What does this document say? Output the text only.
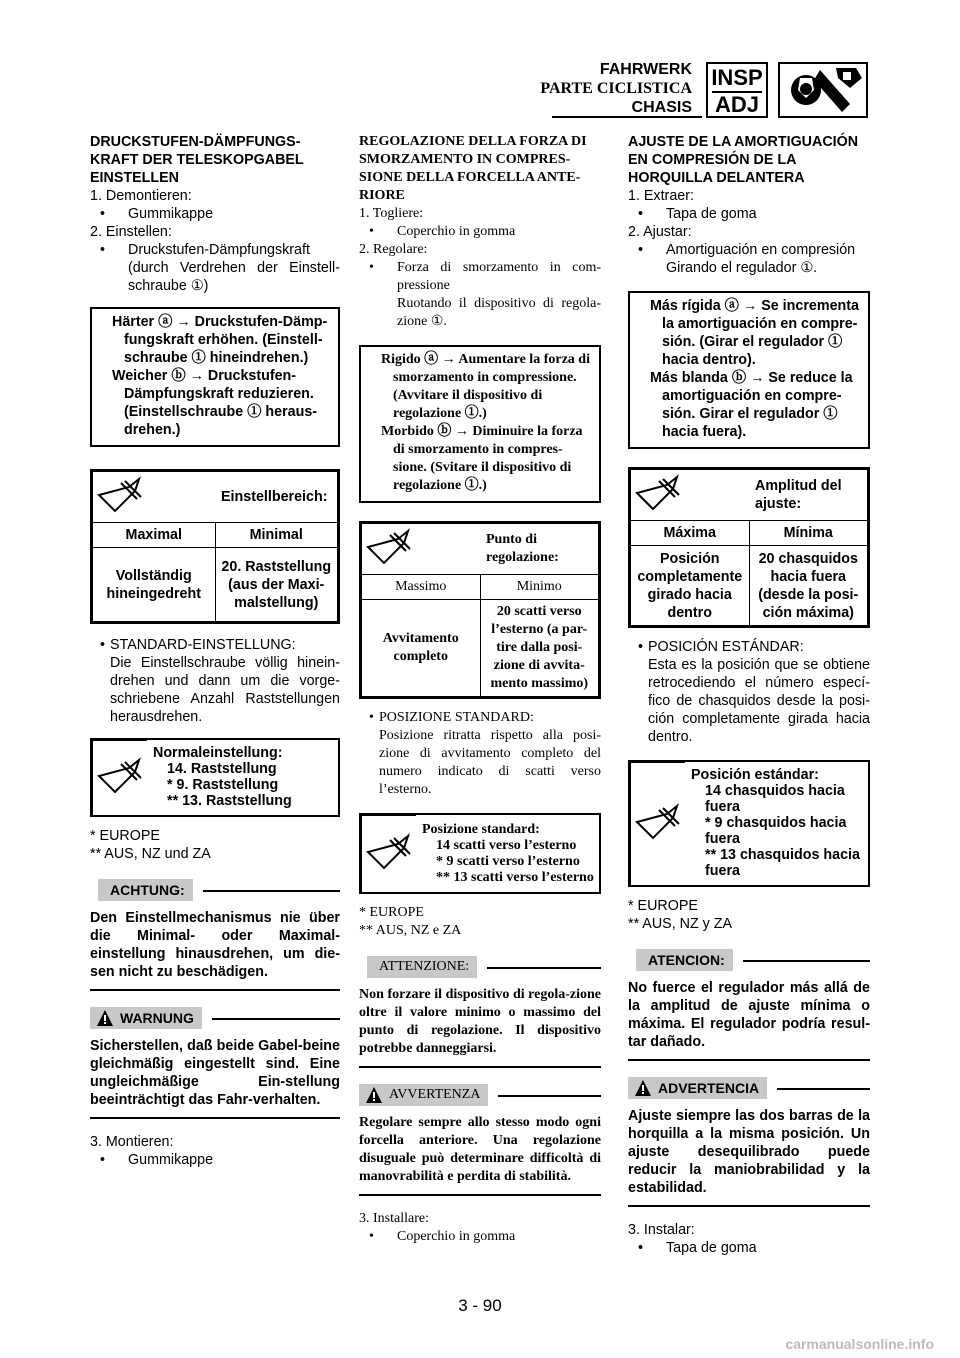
FAHRWERK
PARTE CICLISTICA
CHASIS
INSP
ADJ
DRUCKSTUFEN-DÄMPFUNGS-KRAFT DER TELESKOPGABEL EINSTELLEN
1. Demontieren:
• Gummikappe
2. Einstellen:
• Druckstufen-Dämpfungskraft
(durch Verdrehen der Einstell-schraube ①)
Härter ⓐ → Druckstufen-Dämp-fungskraft erhöhen. (Einstell-schraube ① hineindrehen.)
Weicher ⓑ → Druckstufen-Dämpfungskraft reduzieren. (Einstellschraube ① heraus-drehen.)
	Einstellbereich:
Maximal	Minimal
Vollständig hineingedreht	20. Raststellung (aus der Maxi-malstellung)
• STANDARD-EINSTELLUNG:
Die Einstellschraube völlig hinein-drehen und dann um die vorge-schriebene Anzahl Raststellungen herausdrehen.

Normaleinstellung:
14. Raststellung
* 9. Raststellung
** 13. Raststellung
* EUROPE
** AUS, NZ und ZA
ACHTUNG:
Den Einstellmechanismus nie über die Minimal- oder Maximal-einstellung hinausdrehen, um die-sen nicht zu beschädigen.
WARNUNG
Sicherstellen, daß beide Gabel-beine gleichmäßig eingestellt sind. Eine ungleichmäßige Ein-stellung beeinträchtigt das Fahr-verhalten.
3. Montieren:
• Gummikappe
REGOLAZIONE DELLA FORZA DI SMORZAMENTO IN COMPRES-SIONE DELLA FORCELLA ANTE-RIORE
1. Togliere:
• Coperchio in gomma
2. Regolare:
• Forza di smorzamento in com-pressione
Ruotando il dispositivo di regola-zione ①.
Rigido ⓐ → Aumentare la forza di smorzamento in compressione. (Avvitare il dispositivo di regolazione ①.)
Morbido ⓑ → Diminuire la forza di smorzamento in compres-sione. (Svitare il dispositivo di regolazione ①.)
	Punto di regolazione:
Massimo	Minimo
Avvitamento completo	20 scatti verso l’esterno (a par-tire dalla posi-zione di avvita-mento massimo)
• POSIZIONE STANDARD:
Posizione ritratta rispetto alla posi-zione di avvitamento completo del numero indicato di scatti verso l’esterno.

Posizione standard:
14 scatti verso l’esterno
* 9 scatti verso l’esterno
** 13 scatti verso l’esterno
* EUROPE
** AUS, NZ e ZA
ATTENZIONE:
Non forzare il dispositivo di regola-zione oltre il valore minimo o massimo del punto di regolazione. Il dispositivo potrebbe danneggiarsi.
AVVERTENZA
Regolare sempre allo stesso modo ogni forcella anteriore. Una regolazione disuguale può determinare difficoltà di manovrabilità e perdita di stabilità.
3. Installare:
• Coperchio in gomma
AJUSTE DE LA AMORTIGUACIÓN EN COMPRESIÓN DE LA HORQUILLA DELANTERA
1. Extraer:
• Tapa de goma
2. Ajustar:
• Amortiguación en compresión
Girando el regulador ①.
Más rígida ⓐ → Se incrementa la amortiguación en compre-sión. (Girar el regulador ① hacia dentro).
Más blanda ⓑ → Se reduce la amortiguación en compre-sión. Girar el regulador ① hacia fuera).
	Amplitud del ajuste:
Máxima	Mínima
Posición completamente girado hacia dentro	20 chasquidos hacia fuera (desde la posi-ción máxima)
• POSICIÓN ESTÁNDAR:
Esta es la posición que se obtiene retrocediendo el número especí-fico de chasquidos desde la posi-ción completamente girada hacia dentro.

Posición estándar:
14 chasquidos hacia fuera
* 9 chasquidos hacia fuera
** 13 chasquidos hacia fuera
* EUROPE
** AUS, NZ y ZA
ATENCION:
No fuerce el regulador más allá de la amplitud de ajuste mínima o máxima. El regulador podría resul-tar dañado.
ADVERTENCIA
Ajuste siempre las dos barras de la horquilla a la misma posición. Un ajuste desequilibrado puede reducir la maniobrabilidad y la estabilidad.
3. Instalar:
• Tapa de goma
3 - 90
carmanualsonline.info
